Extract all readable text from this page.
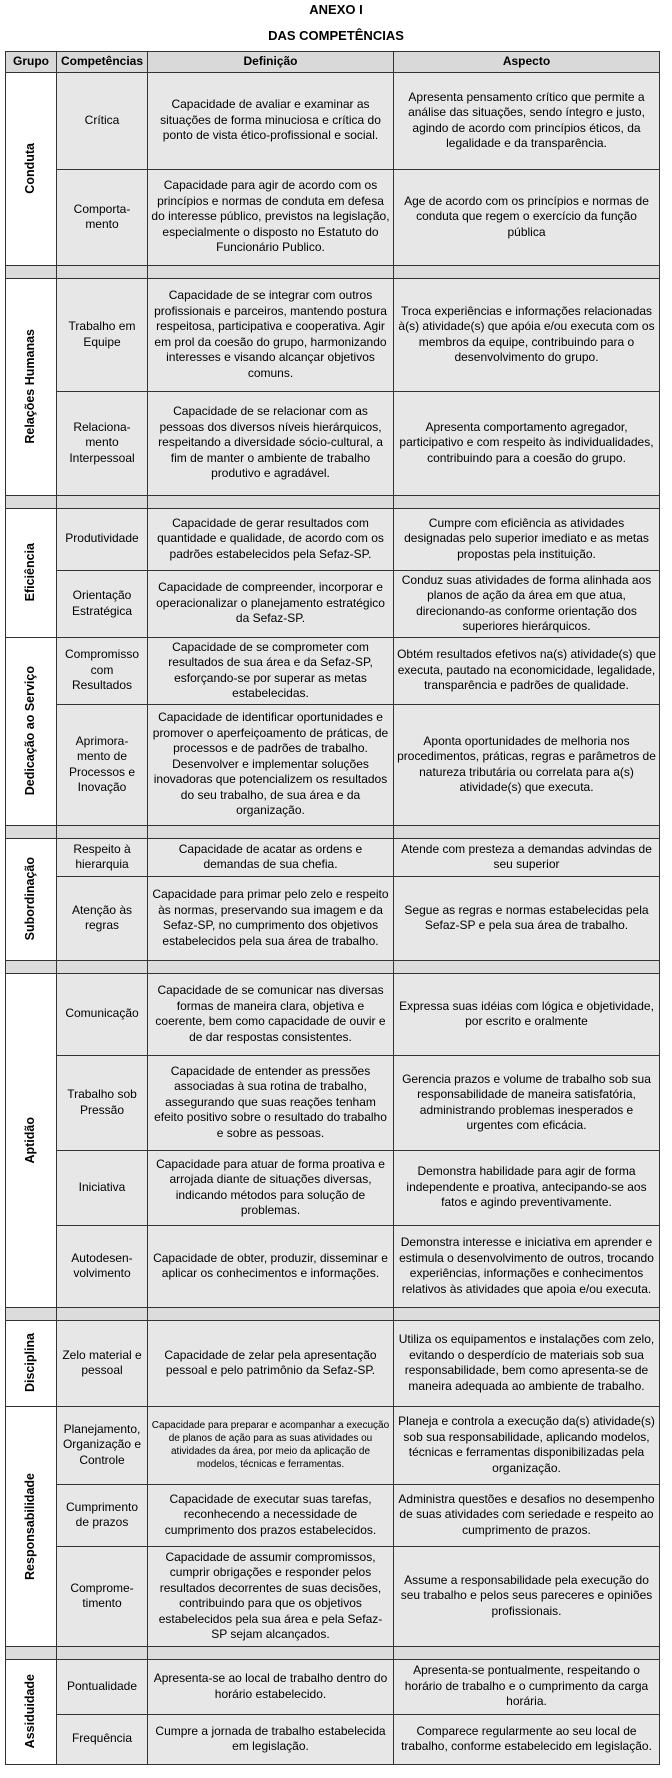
ANEXO I
DAS COMPETÊNCIAS
Grupo	Competências	Definição	Aspecto

Conduta	Crítica	Capacidade de avaliar e examinar as situações de forma minuciosa e crítica do ponto de vista ético-profissional e social.	Apresenta pensamento crítico que permite a análise das situações, sendo íntegro e justo, agindo de acordo com princípios éticos, da legalidade e da transparência.
	Comporta-mento	Capacidade para agir de acordo com os princípios e normas de conduta em defesa do interesse público, previstos na legislação, especialmente o disposto no Estatuto do Funcionário Publico.	Age de acordo com os princípios e normas de conduta que regem o exercício da função pública

Relações Humanas	Trabalho em Equipe	Capacidade de se integrar com outros profissionais e parceiros, mantendo postura respeitosa, participativa e cooperativa. Agir em prol da coesão do grupo, harmonizando interesses e visando alcançar objetivos comuns.	Troca experiências e informações relacionadas à(s) atividade(s) que apóia e/ou executa com os membros da equipe, contribuindo para o desenvolvimento do grupo.
	Relaciona-mento Interpessoal	Capacidade de se relacionar com as pessoas dos diversos níveis hierárquicos, respeitando a diversidade sócio-cultural, a fim de manter o ambiente de trabalho produtivo e agradável.	Apresenta comportamento agregador, participativo e com respeito às individualidades, contribuindo para a coesão do grupo.

Eficiência	Produtividade	Capacidade de gerar resultados com quantidade e qualidade, de acordo com os padrões estabelecidos pela Sefaz-SP.	Cumpre com eficiência as atividades designadas pelo superior imediato e as metas propostas pela instituição.
	Orientação Estratégica	Capacidade de compreender, incorporar e operacionalizar o planejamento estratégico da Sefaz-SP.	Conduz suas atividades de forma alinhada aos planos de ação da área em que atua, direcionando-as conforme orientação dos superiores hierárquicos.

Dedicação ao Serviço	Compromisso com Resultados	Capacidade de se comprometer com resultados de sua área e da Sefaz-SP, esforçando-se por superar as metas estabelecidas.	Obtém resultados efetivos na(s) atividade(s) que executa, pautado na economicidade, legalidade, transparência e padrões de qualidade.
	Aprimora-mento de Processos e Inovação	Capacidade de identificar oportunidades e promover o aperfeiçoamento de práticas, de processos e de padrões de trabalho. Desenvolver e implementar soluções inovadoras que potencializem os resultados do seu trabalho, de sua área e da organização.	Aponta oportunidades de melhoria nos procedimentos, práticas, regras e parâmetros de natureza tributária ou correlata para a(s) atividade(s) que executa.

Subordinação	Respeito à hierarquia	Capacidade de acatar as ordens e demandas de sua chefia.	Atende com presteza a demandas advindas de seu superior
	Atenção às regras	Capacidade para primar pelo zelo e respeito às normas, preservando sua imagem e da Sefaz-SP, no cumprimento dos objetivos estabelecidos pela sua área de trabalho.	Segue as regras e normas estabelecidas pela Sefaz-SP e pela sua área de trabalho.

Aptidão	Comunicação	Capacidade de se comunicar nas diversas formas de maneira clara, objetiva e coerente, bem como capacidade de ouvir e de dar respostas consistentes.	Expressa suas idéias com lógica e objetividade, por escrito e oralmente
	Trabalho sob Pressão	Capacidade de entender as pressões associadas à sua rotina de trabalho, assegurando que suas reações tenham efeito positivo sobre o resultado do trabalho e sobre as pessoas.	Gerencia prazos e volume de trabalho sob sua responsabilidade de maneira satisfatória, administrando problemas inesperados e urgentes com eficácia.
	Iniciativa	Capacidade para atuar de forma proativa e arrojada diante de situações diversas, indicando métodos para solução de problemas.	Demonstra habilidade para agir de forma independente e proativa, antecipando-se aos fatos e agindo preventivamente.
	Autodesen-volvimento	Capacidade de obter, produzir, disseminar e aplicar os conhecimentos e informações.	Demonstra interesse e iniciativa em aprender e estimula o desenvolvimento de outros, trocando experiências, informações e conhecimentos relativos às atividades que apoia e/ou executa.

Disciplina	Zelo material e pessoal	Capacidade de zelar pela apresentação pessoal e pelo patrimônio da Sefaz-SP.	Utiliza os equipamentos e instalações com zelo, evitando o desperdício de materiais sob sua responsabilidade, bem como apresenta-se de maneira adequada ao ambiente de trabalho.

Responsabilidade	Planejamento, Organização e Controle	Capacidade para preparar e acompanhar a execução de planos de ação para as suas atividades ou atividades da área, por meio da aplicação de modelos, técnicas e ferramentas.	Planeja e controla a execução da(s) atividade(s) sob sua responsabilidade, aplicando modelos, técnicas e ferramentas disponibilizadas pela organização.
	Cumprimento de prazos	Capacidade de executar suas tarefas, reconhecendo a necessidade de cumprimento dos prazos estabelecidos.	Administra questões e desafios no desempenho de suas atividades com seriedade e respeito ao cumprimento de prazos.
	Comprome-timento	Capacidade de assumir compromissos, cumprir obrigações e responder pelos resultados decorrentes de suas decisões, contribuindo para que os objetivos estabelecidos pela sua área e pela Sefaz-SP sejam alcançados.	Assume a responsabilidade pela execução do seu trabalho e pelos seus pareceres e opiniões profissionais.

Assiduidade	Pontualidade	Apresenta-se ao local de trabalho dentro do horário estabelecido.	Apresenta-se pontualmente, respeitando o horário de trabalho e o cumprimento da carga horária.
	Frequência	Cumpre a jornada de trabalho estabelecida em legislação.	Comparece regularmente ao seu local de trabalho, conforme estabelecido em legislação.
